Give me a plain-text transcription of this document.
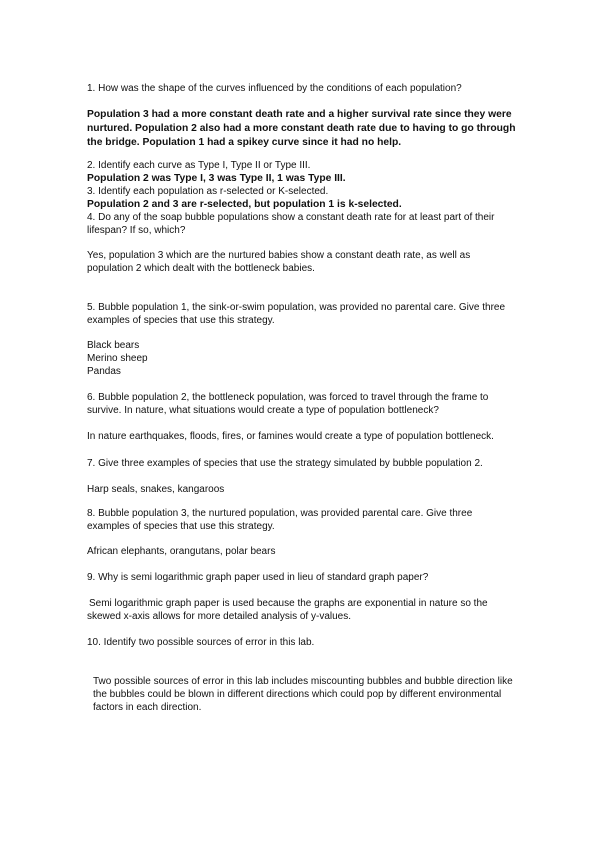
1. How was the shape of the curves influenced by the conditions of each population?

Population 3 had a more constant death rate and a higher survival rate since they were

nurtured. Population 2 also had a more constant death rate due to having to go through

the bridge. Population 1 had a spikey curve since it had no help.

2. Identify each curve as Type I, Type II or Type III.

Population 2 was Type I, 3 was Type II, 1 was Type III.

3. Identify each population as r-selected or K-selected.

Population 2 and 3 are r-selected, but population 1 is k-selected.

4. Do any of the soap bubble populations show a constant death rate for at least part of their

lifespan? If so, which?

Yes, population 3 which are the nurtured babies show a constant death rate, as well as

population 2 which dealt with the bottleneck babies.

5. Bubble population 1, the sink-or-swim population, was provided no parental care. Give three

examples of species that use this strategy.

Black bears

Merino sheep

Pandas

6. Bubble population 2, the bottleneck population, was forced to travel through the frame to

survive. In nature, what situations would create a type of population bottleneck?

In nature earthquakes, floods, fires, or famines would create a type of population bottleneck.

7. Give three examples of species that use the strategy simulated by bubble population 2.

Harp seals, snakes, kangaroos

8. Bubble population 3, the nurtured population, was provided parental care. Give three

examples of species that use this strategy.

African elephants, orangutans, polar bears

9. Why is semi logarithmic graph paper used in lieu of standard graph paper?

Semi logarithmic graph paper is used because the graphs are exponential in nature so the

skewed x-axis allows for more detailed analysis of y-values.

10. Identify two possible sources of error in this lab.

Two possible sources of error in this lab includes miscounting bubbles and bubble direction like

the bubbles could be blown in different directions which could pop by different environmental

factors in each direction.
